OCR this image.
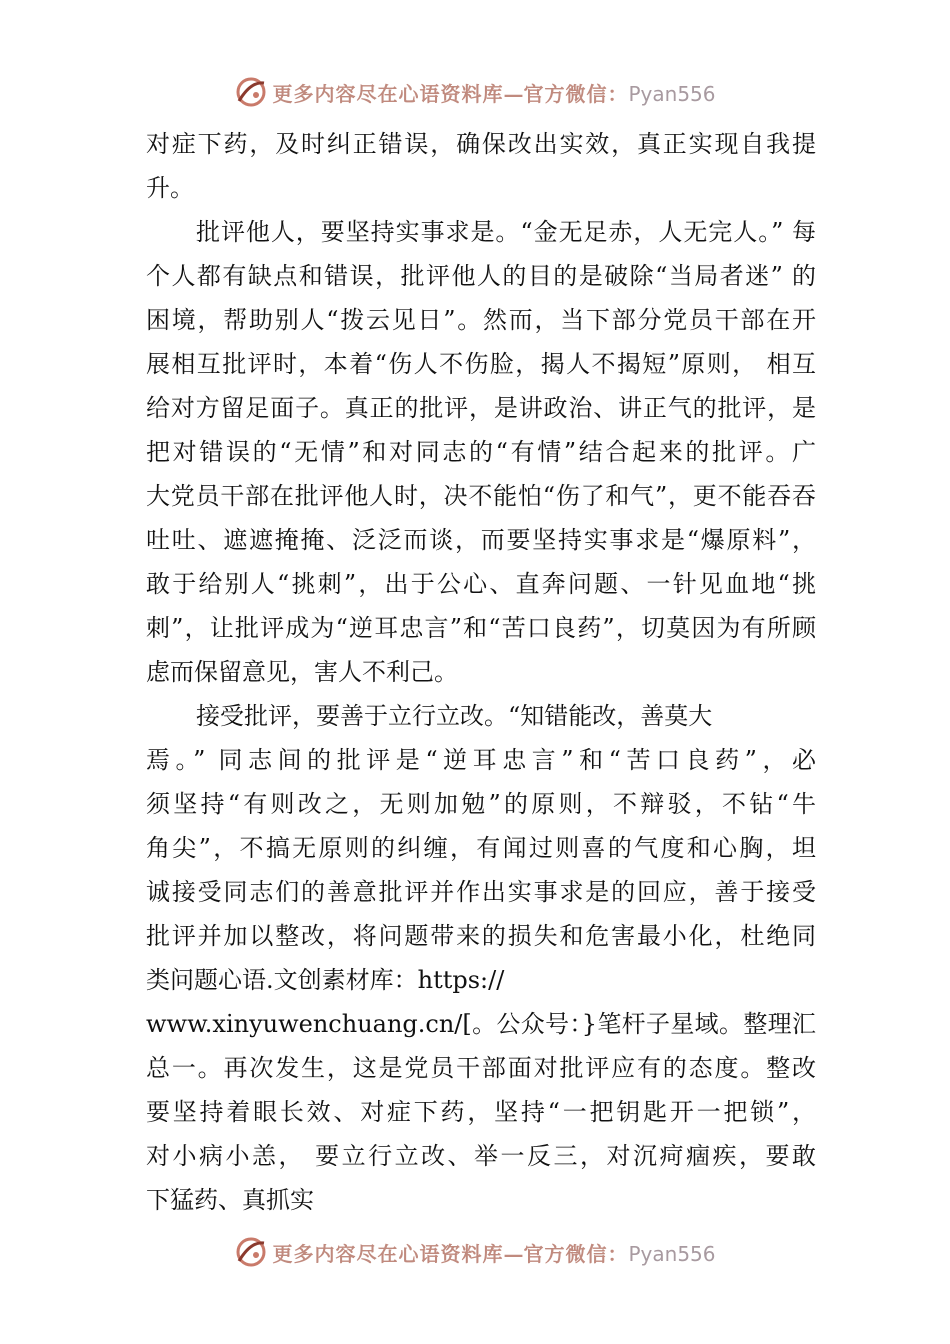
更多内容尽在心语资料库—官方微信：Pyan556
对症下药，及时纠正错误，确保改出实效，真正实现自我提
升。
批评他人，要坚持实事求是。“金无足赤，人无完人。” 每
个人都有缺点和错误，批评他人的目的是破除“当局者迷” 的
困境，帮助别人“拨云见日”。然而，当下部分党员干部在开
展相互批评时，本着“伤人不伤脸，揭人不揭短”原则， 相互
给对方留足面子。真正的批评，是讲政治、讲正气的批评，是
把对错误的“无情”和对同志的“有情”结合起来的批评。广
大党员干部在批评他人时，决不能怕“伤了和气”，更不能吞吞
吐吐、遮遮掩掩、泛泛而谈，而要坚持实事求是“爆原料”，
敢于给别人“挑刺”，出于公心、直奔问题、一针见血地“挑
刺”，让批评成为“逆耳忠言”和“苦口良药”，切莫因为有所顾
虑而保留意见，害人不利己。
接受批评，要善于立行立改。“知错能改，善莫大
焉。” 同志间的批评是“逆耳忠言”和“苦口良药”，必
须坚持“有则改之，无则加勉”的原则，不辩驳，不钻“牛
角尖”，不搞无原则的纠缠，有闻过则喜的气度和心胸，坦
诚接受同志们的善意批评并作出实事求是的回应，善于接受
批评并加以整改，将问题带来的损失和危害最小化，杜绝同
类问题心语.文创素材库：https://
www.xinyuwenchuang.cn/[。公众号：}笔杆子星域。整理汇
总一。再次发生，这是党员干部面对批评应有的态度。整改
要坚持着眼长效、对症下药，坚持“一把钥匙开一把锁”，
对小病小恙， 要立行立改、举一反三，对沉疴痼疾，要敢
下猛药、真抓实
更多内容尽在心语资料库—官方微信：Pyan556
